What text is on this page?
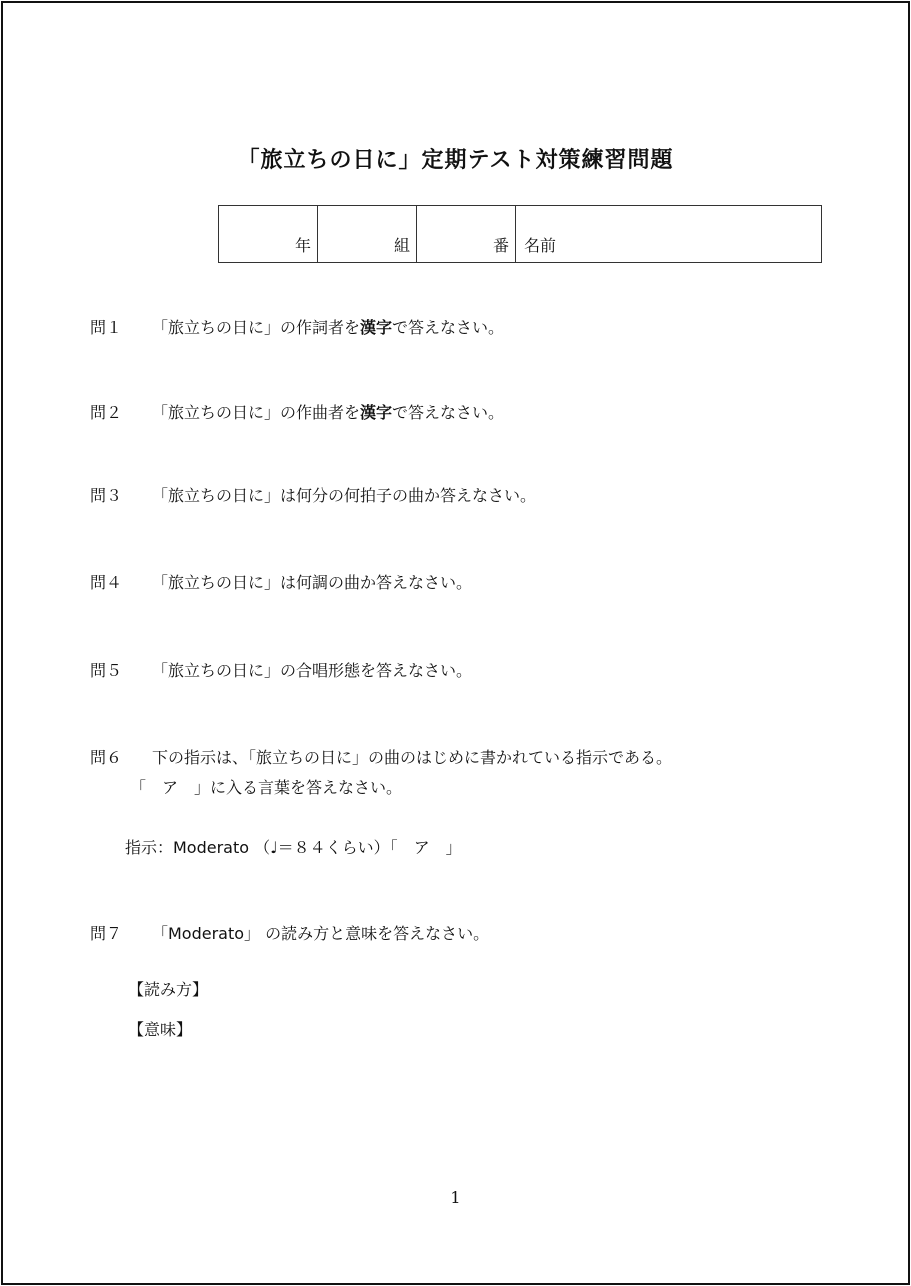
「旅立ちの日に」定期テスト対策練習問題
年	組	番	名前
問１ 「旅立ちの日に」の作詞者を漢字で答えなさい。
問２ 「旅立ちの日に」の作曲者を漢字で答えなさい。
問３ 「旅立ちの日に」は何分の何拍子の曲か答えなさい。
問４ 「旅立ちの日に」は何調の曲か答えなさい。
問５ 「旅立ちの日に」の合唱形態を答えなさい。
問６ 下の指示は、「旅立ちの日に」の曲のはじめに書かれている指示である。
「　ア　」に入る言葉を答えなさい。
指示：Moderato （♩＝８４くらい）「　ア　」
問７ 「Moderato」 の読み方と意味を答えなさい。
【読み方】
【意味】
1
